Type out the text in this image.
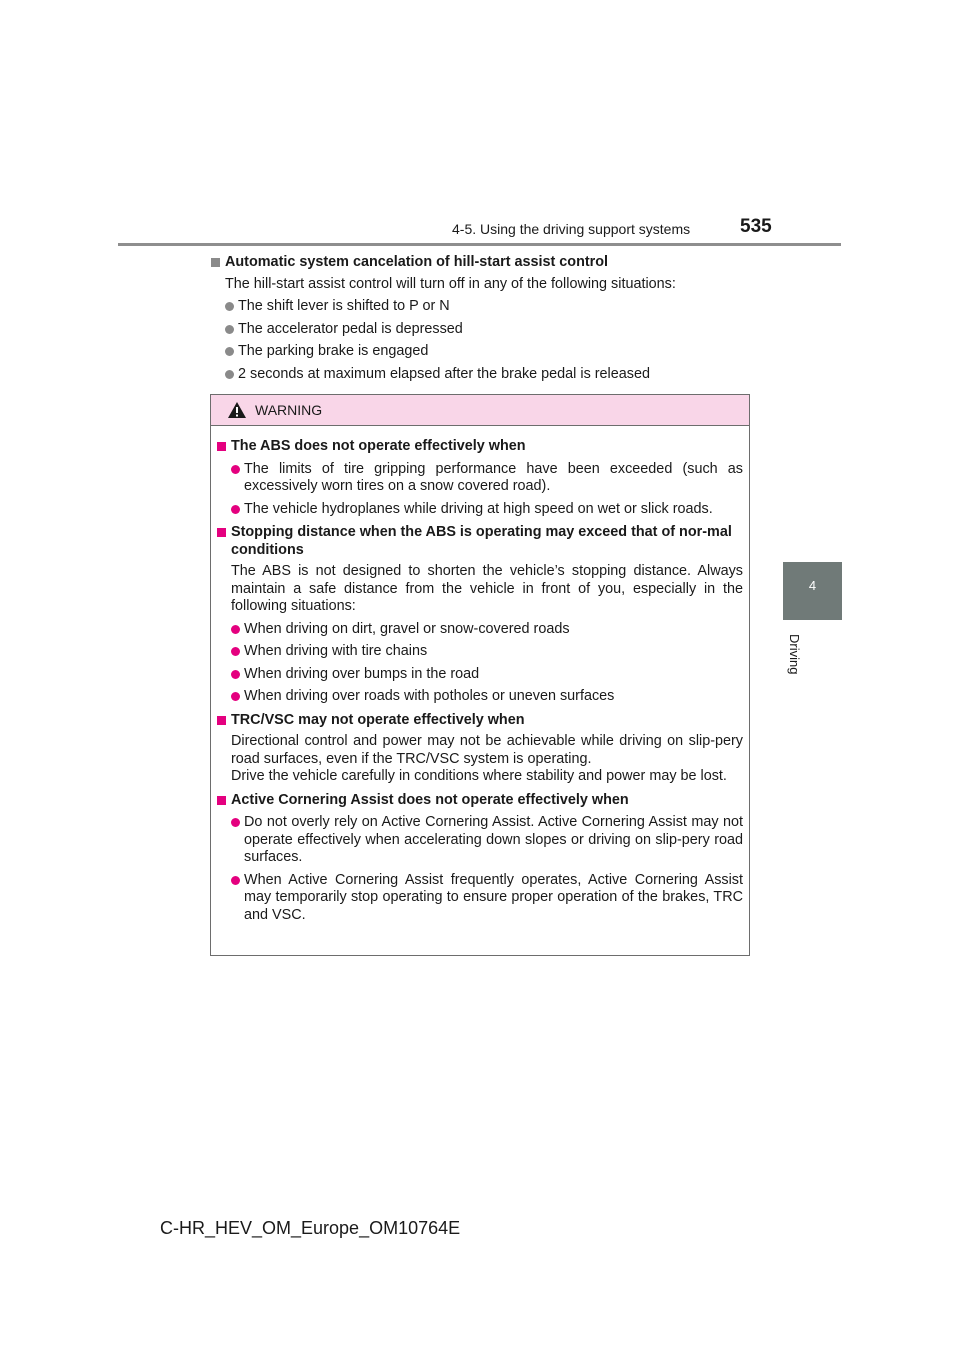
4-5. Using the driving support systems	535
4
Driving
Automatic system cancelation of hill-start assist control
The hill-start assist control will turn off in any of the following situations:
The shift lever is shifted to P or N
The accelerator pedal is depressed
The parking brake is engaged
2 seconds at maximum elapsed after the brake pedal is released
WARNING
The ABS does not operate effectively when
The limits of tire gripping performance have been exceeded (such as excessively worn tires on a snow covered road).
The vehicle hydroplanes while driving at high speed on wet or slick roads.
Stopping distance when the ABS is operating may exceed that of nor-mal conditions
The ABS is not designed to shorten the vehicle’s stopping distance. Always maintain a safe distance from the vehicle in front of you, especially in the following situations:
When driving on dirt, gravel or snow-covered roads
When driving with tire chains
When driving over bumps in the road
When driving over roads with potholes or uneven surfaces
TRC/VSC may not operate effectively when
Directional control and power may not be achievable while driving on slip-pery road surfaces, even if the TRC/VSC system is operating.
Drive the vehicle carefully in conditions where stability and power may be lost.
Active Cornering Assist does not operate effectively when
Do not overly rely on Active Cornering Assist. Active Cornering Assist may not operate effectively when accelerating down slopes or driving on slip-pery road surfaces.
When Active Cornering Assist frequently operates, Active Cornering Assist may temporarily stop operating to ensure proper operation of the brakes, TRC and VSC.
C-HR_HEV_OM_Europe_OM10764E
